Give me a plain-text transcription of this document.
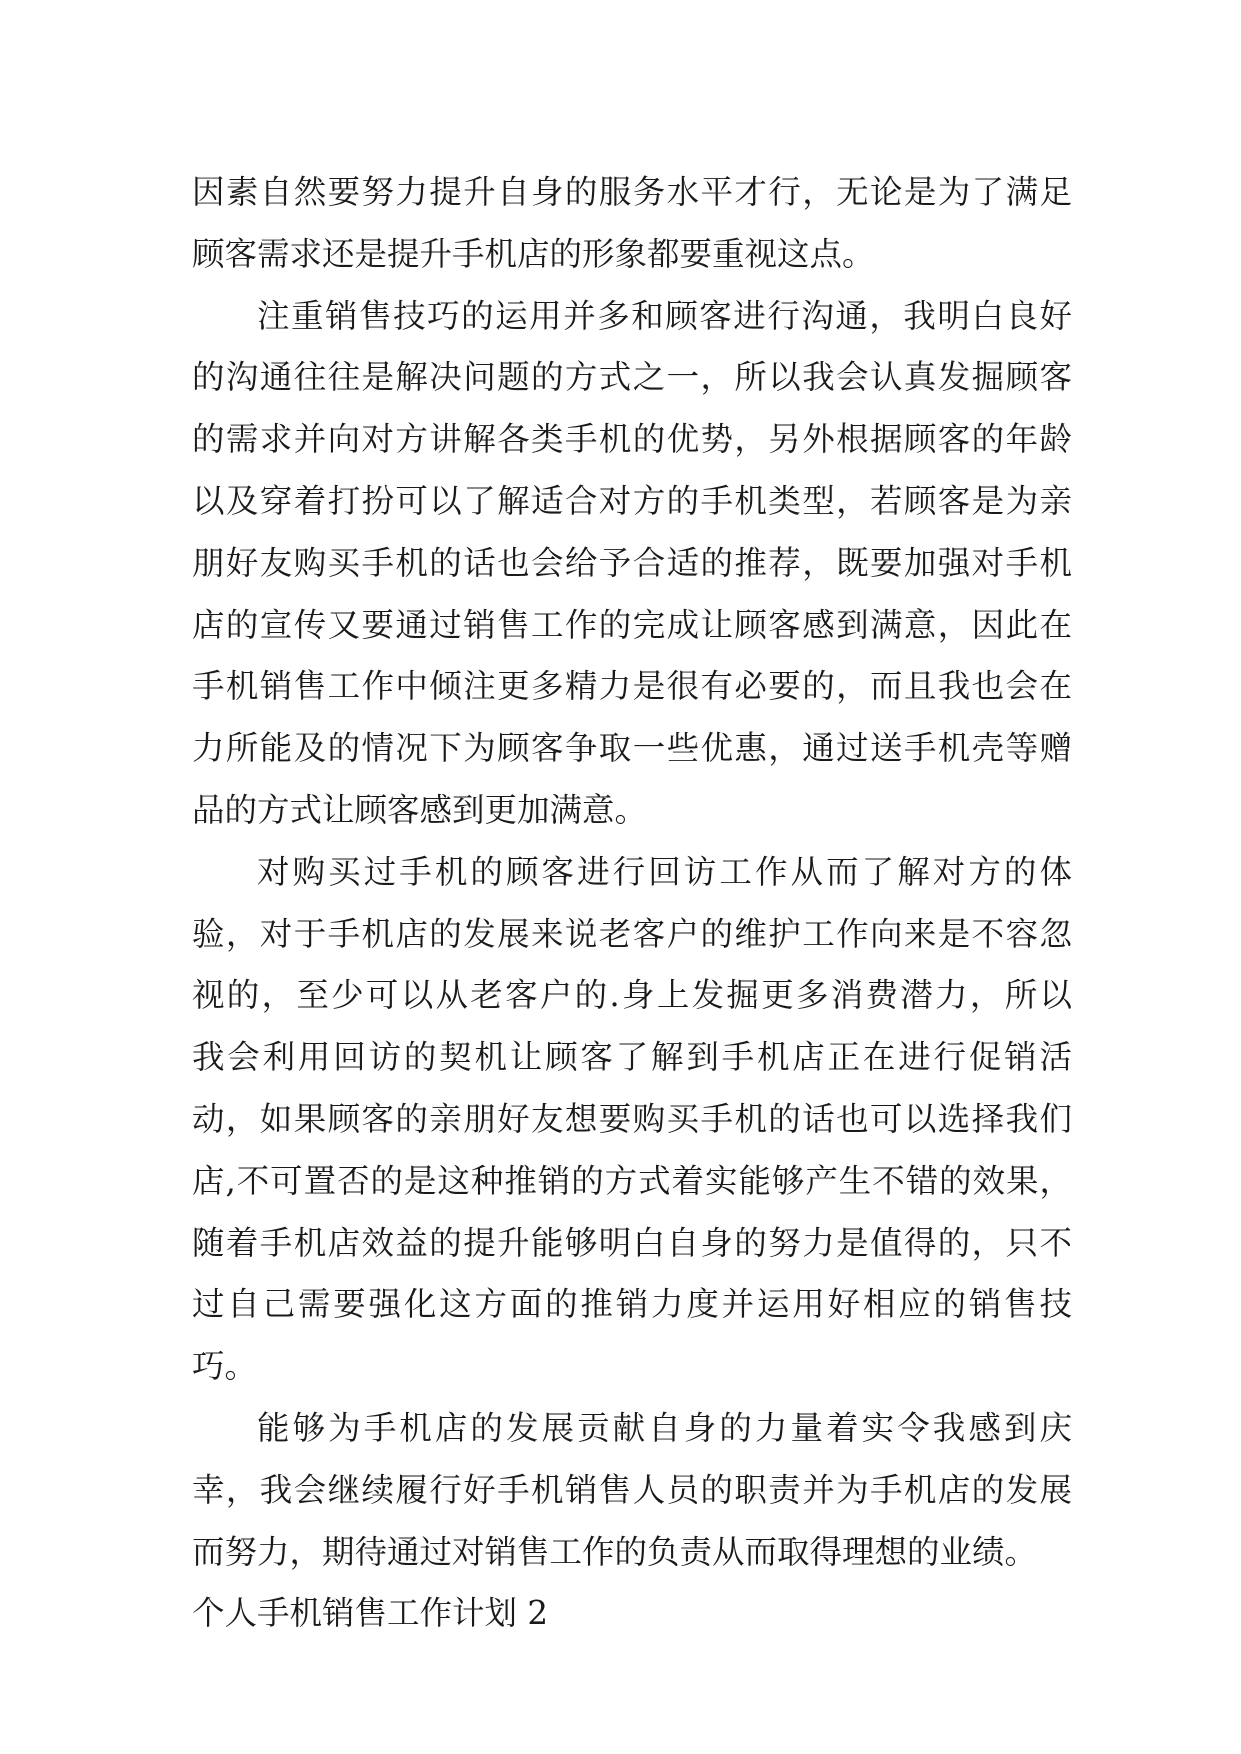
因素自然要努力提升自身的服务水平才行，无论是为了满足
顾客需求还是提升手机店的形象都要重视这点。
注重销售技巧的运用并多和顾客进行沟通，我明白良好
的沟通往往是解决问题的方式之一，所以我会认真发掘顾客
的需求并向对方讲解各类手机的优势，另外根据顾客的年龄
以及穿着打扮可以了解适合对方的手机类型，若顾客是为亲
朋好友购买手机的话也会给予合适的推荐，既要加强对手机
店的宣传又要通过销售工作的完成让顾客感到满意，因此在
手机销售工作中倾注更多精力是很有必要的，而且我也会在
力所能及的情况下为顾客争取一些优惠，通过送手机壳等赠
品的方式让顾客感到更加满意。
对购买过手机的顾客进行回访工作从而了解对方的体
验，对于手机店的发展来说老客户的维护工作向来是不容忽
视的，至少可以从老客户的.身上发掘更多消费潜力，所以
我会利用回访的契机让顾客了解到手机店正在进行促销活
动，如果顾客的亲朋好友想要购买手机的话也可以选择我们
店,不可置否的是这种推销的方式着实能够产生不错的效果，
随着手机店效益的提升能够明白自身的努力是值得的，只不
过自己需要强化这方面的推销力度并运用好相应的销售技
巧。
能够为手机店的发展贡献自身的力量着实令我感到庆
幸，我会继续履行好手机销售人员的职责并为手机店的发展
而努力，期待通过对销售工作的负责从而取得理想的业绩。
个人手机销售工作计划 2
